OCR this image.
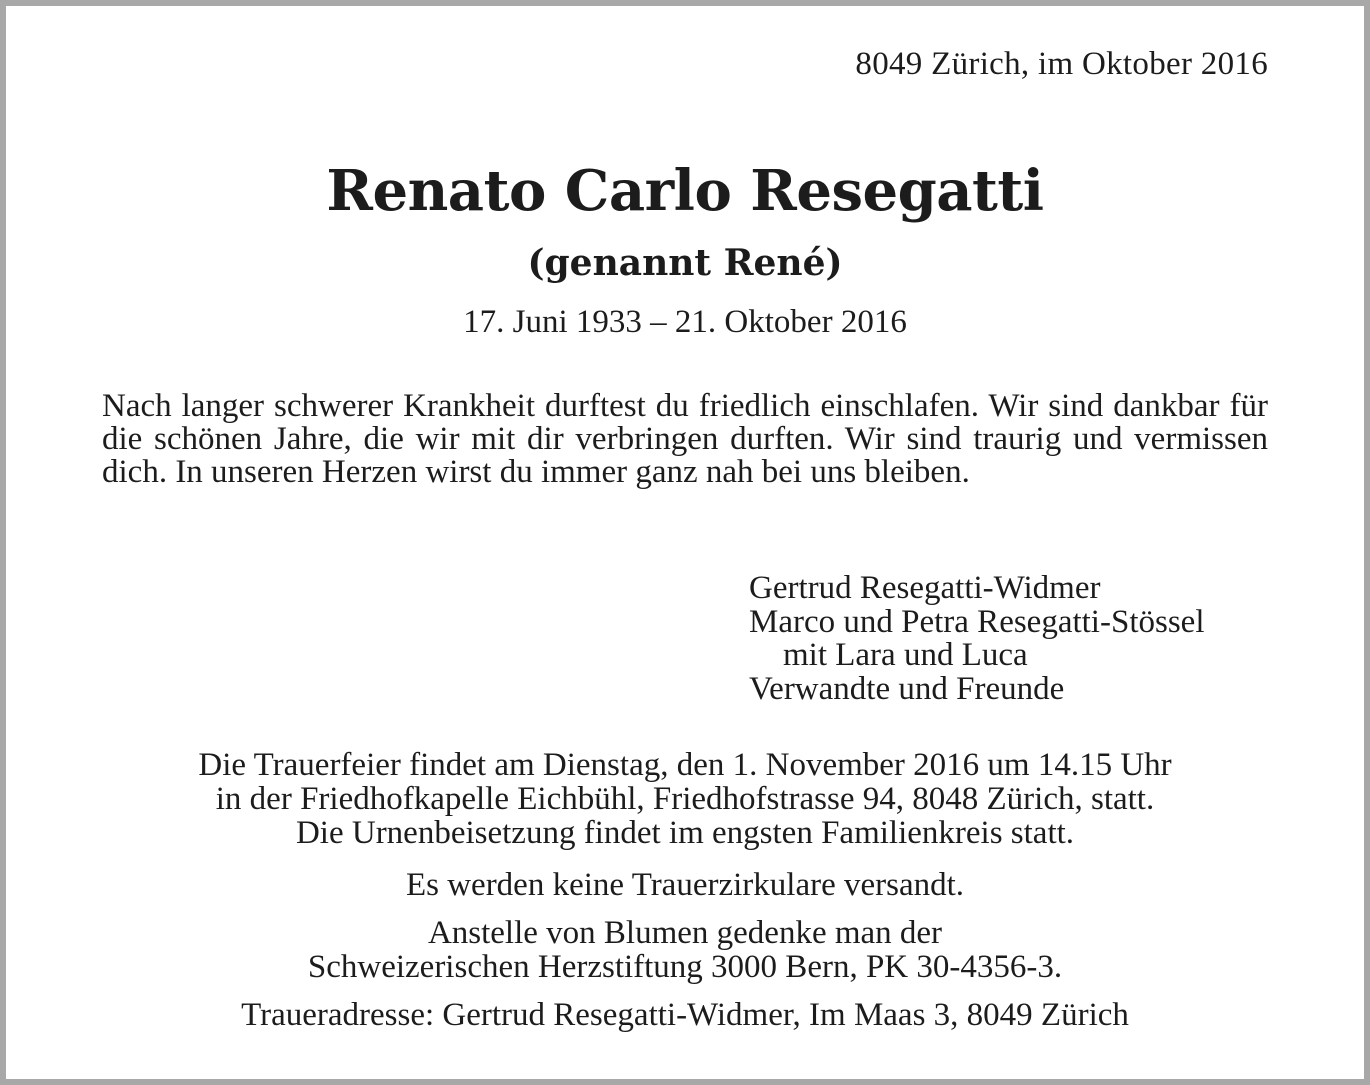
8049 Zürich, im Oktober 2016
Renato Carlo Resegatti
(genannt René)
17. Juni 1933 – 21. Oktober 2016
Nach langer schwerer Krankheit durftest du friedlich einschlafen. Wir sind dankbar für die schönen Jahre, die wir mit dir verbringen durften. Wir sind traurig und vermissen dich. In unseren Herzen wirst du immer ganz nah bei uns bleiben.
Gertrud Resegatti-Widmer
Marco und Petra Resegatti-Stössel
mit Lara und Luca
Verwandte und Freunde
Die Trauerfeier findet am Dienstag, den 1. November 2016 um 14.15 Uhr
in der Friedhofkapelle Eichbühl, Friedhofstrasse 94, 8048 Zürich, statt.
Die Urnenbeisetzung findet im engsten Familienkreis statt.
Es werden keine Trauerzirkulare versandt.
Anstelle von Blumen gedenke man der
Schweizerischen Herzstiftung 3000 Bern, PK 30-4356-3.
Traueradresse: Gertrud Resegatti-Widmer, Im Maas 3, 8049 Zürich
